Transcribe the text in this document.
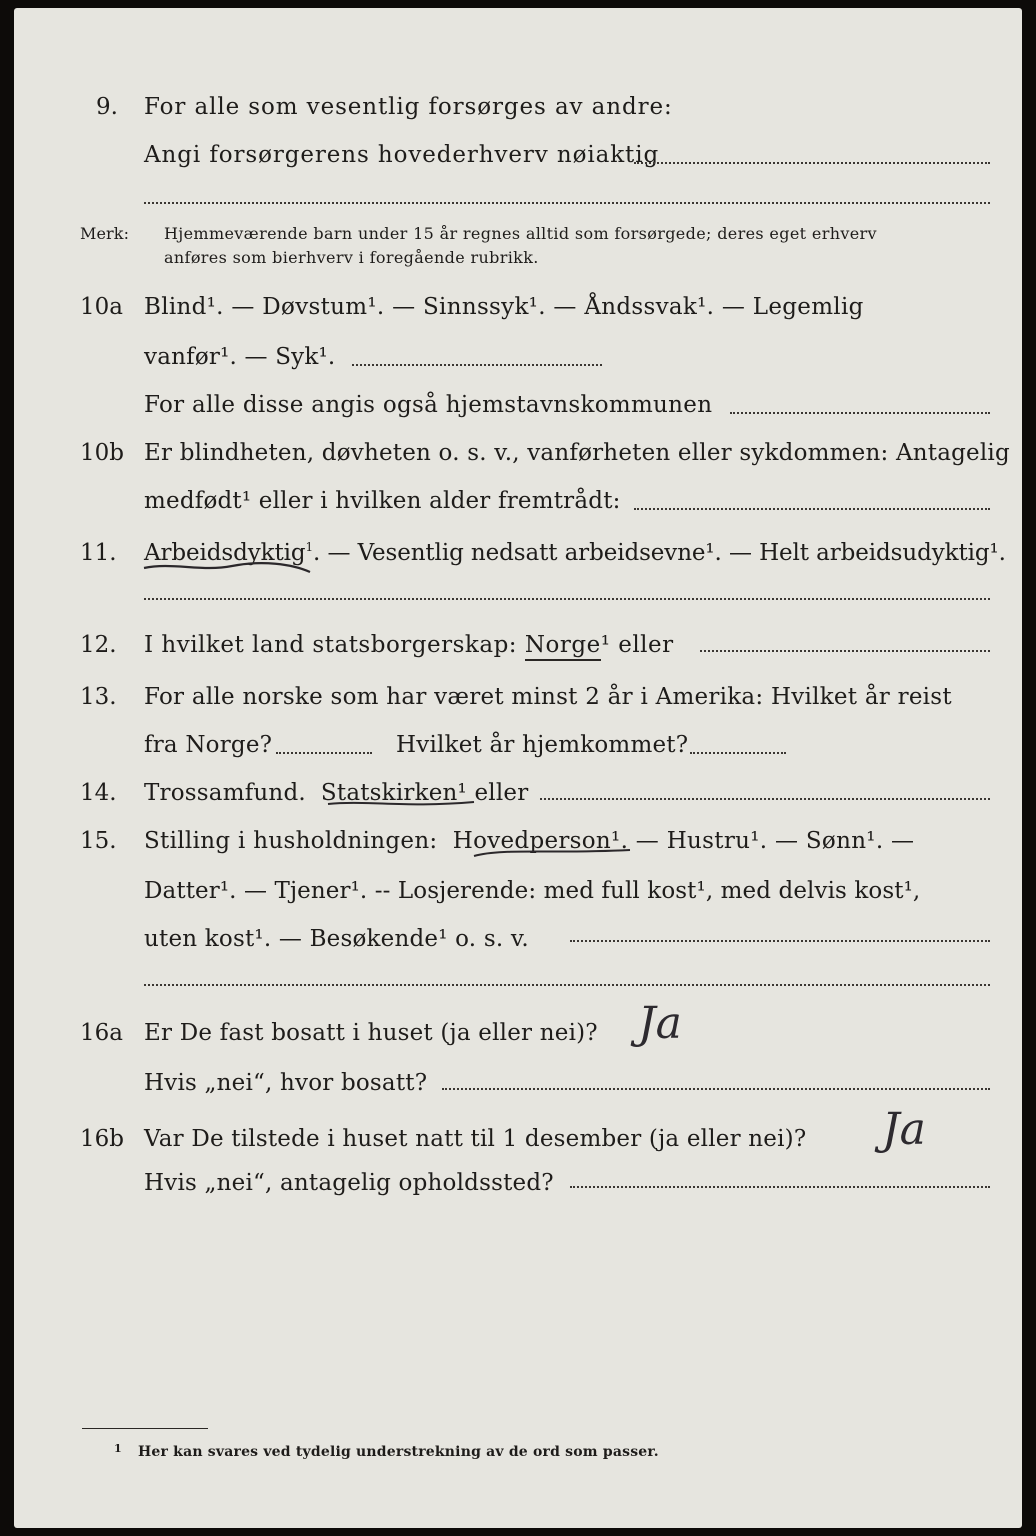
9. For alle som vesentlig forsørges av andre:
Angi forsørgerens hovederhverv nøiaktig
Merk: Hjemmeværende barn under 15 år regnes alltid som forsørgede; deres eget erhverv
anføres som bierhverv i foregående rubrikk.
10a Blind¹. — Døvstum¹. — Sinnssyk¹. — Åndssvak¹. — Legemlig
vanfør¹. — Syk¹.
For alle disse angis også hjemstavnskommunen
10b Er blindheten, døvheten o. s. v., vanførheten eller sykdommen: Antagelig
medfødt¹ eller i hvilken alder fremtrådt:
11. Arbeidsdyktig$^1$. — Vesentlig nedsatt arbeidsevne¹. — Helt arbeidsudyktig¹.
12. I hvilket land statsborgerskap: Norge¹ eller
13. For alle norske som har været minst 2 år i Amerika: Hvilket år reist
fra Norge?	Hvilket år hjemkommet?
14. Trossamfund. Statskirken¹ eller
15. Stilling i husholdningen: Hovedperson¹. — Hustru¹. — Sønn¹. —
Datter¹. — Tjener¹. -- Losjerende: med full kost¹, med delvis kost¹,
uten kost¹. — Besøkende¹ o. s. v.
16a Er De fast bosatt i huset (ja eller nei)? Ja
Hvis „nei“, hvor bosatt?
16b Var De tilstede i huset natt til 1 desember (ja eller nei)? Ja
Hvis „nei“, antagelig opholdssted?
1 Her kan svares ved tydelig understrekning av de ord som passer.
